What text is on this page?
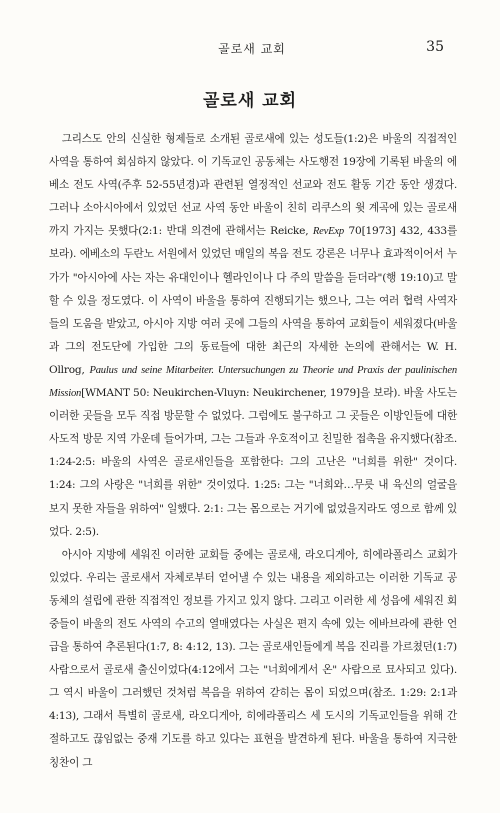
골로새 교회	35
골로새 교회

그리스도 안의 신실한 형제들로 소개된 골로새에 있는 성도들(1:2)은 바울의 직접적인 사역을 통하여 회심하지 않았다. 이 기독교인 공동체는 사도행전 19장에 기록된 바울의 에베소 전도 사역(주후 52-55년경)과 관련된 열정적인 선교와 전도 활동 기간 동안 생겼다. 그러나 소아시아에서 있었던 선교 사역 동안 바울이 친히 리쿠스의 윗 계곡에 있는 골로새까지 가지는 못했다(2:1: 반대 의견에 관해서는 Reicke, RevExp 70[1973] 432, 433를 보라). 에베소의 두란노 서원에서 있었던 매일의 복음 전도 강론은 너무나 효과적이어서 누가가 "아시아에 사는 자는 유대인이나 헬라인이나 다 주의 말씀을 듣더라"(행 19:10)고 말할 수 있을 정도였다. 이 사역이 바울을 통하여 진행되기는 했으나, 그는 여러 협력 사역자들의 도움을 받았고, 아시아 지방 여러 곳에 그들의 사역을 통하여 교회들이 세워졌다(바울과 그의 전도단에 가입한 그의 동료들에 대한 최근의 자세한 논의에 관해서는 W. H. Ollrog, Paulus und seine Mitarbeiter. Untersuchungen zu Theorie und Praxis der paulinischen Mission[WMANT 50: Neukirchen-Vluyn: Neukirchener, 1979]을 보라). 바울 사도는 이러한 곳들을 모두 직접 방문할 수 없었다. 그럼에도 불구하고 그 곳들은 이방인들에 대한 사도적 방문 지역 가운데 들어가며, 그는 그들과 우호적이고 친밀한 접촉을 유지했다(참조. 1:24-2:5: 바울의 사역은 골로새인들을 포함한다: 그의 고난은 "너희를 위한" 것이다. 1:24: 그의 사랑은 "너희를 위한" 것이었다. 1:25: 그는 "너희와…무릇 내 육신의 얼굴을 보지 못한 자들을 위하여" 일했다. 2:1: 그는 몸으로는 거기에 없었을지라도 영으로 함께 있었다. 2:5).

아시아 지방에 세워진 이러한 교회들 중에는 골로새, 라오디게아, 히에라폴리스 교회가 있었다. 우리는 골로새서 자체로부터 얻어낼 수 있는 내용을 제외하고는 이러한 기독교 공동체의 설립에 관한 직접적인 정보를 가지고 있지 않다. 그리고 이러한 세 성읍에 세워진 회중들이 바울의 전도 사역의 수고의 열매였다는 사실은 편지 속에 있는 에바브라에 관한 언급을 통하여 추론된다(1:7, 8: 4:12, 13). 그는 골로새인들에게 복음 진리를 가르쳤던(1:7) 사람으로서 골로새 출신이었다(4:12에서 그는 "너희에게서 온" 사람으로 묘사되고 있다). 그 역시 바울이 그러했던 것처럼 복음을 위하여 갇히는 몸이 되었으며(참조. 1:29: 2:1과 4:13), 그래서 특별히 골로새, 라오디게아, 히에라폴리스 세 도시의 기독교인들을 위해 간절하고도 끊임없는 중재 기도를 하고 있다는 표현을 발견하게 된다. 바울을 통하여 지극한 칭찬이 그
